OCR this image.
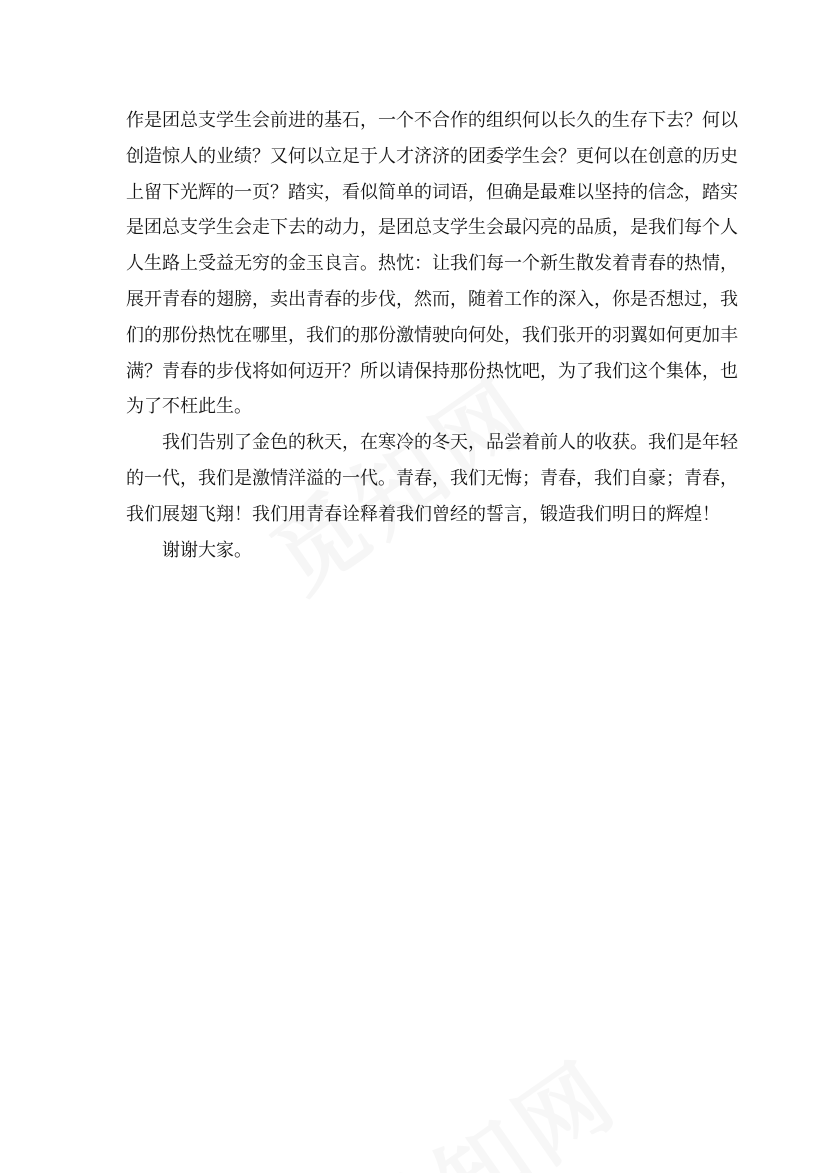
作是团总支学生会前进的基石，一个不合作的组织何以长久的生存下去？何以
创造惊人的业绩？又何以立足于人才济济的团委学生会？更何以在创意的历史
上留下光辉的一页？踏实，看似简单的词语，但确是最难以坚持的信念，踏实
是团总支学生会走下去的动力，是团总支学生会最闪亮的品质，是我们每个人
人生路上受益无穷的金玉良言。热忱：让我们每一个新生散发着青春的热情，
展开青春的翅膀，卖出青春的步伐，然而，随着工作的深入，你是否想过，我
们的那份热忱在哪里，我们的那份激情驶向何处，我们张开的羽翼如何更加丰
满？青春的步伐将如何迈开？所以请保持那份热忱吧，为了我们这个集体，也
为了不枉此生。
我们告别了金色的秋天，在寒冷的冬天，品尝着前人的收获。我们是年轻
的一代，我们是激情洋溢的一代。青春，我们无悔；青春，我们自豪；青春，
我们展翅飞翔！我们用青春诠释着我们曾经的誓言，锻造我们明日的辉煌！
谢谢大家。
